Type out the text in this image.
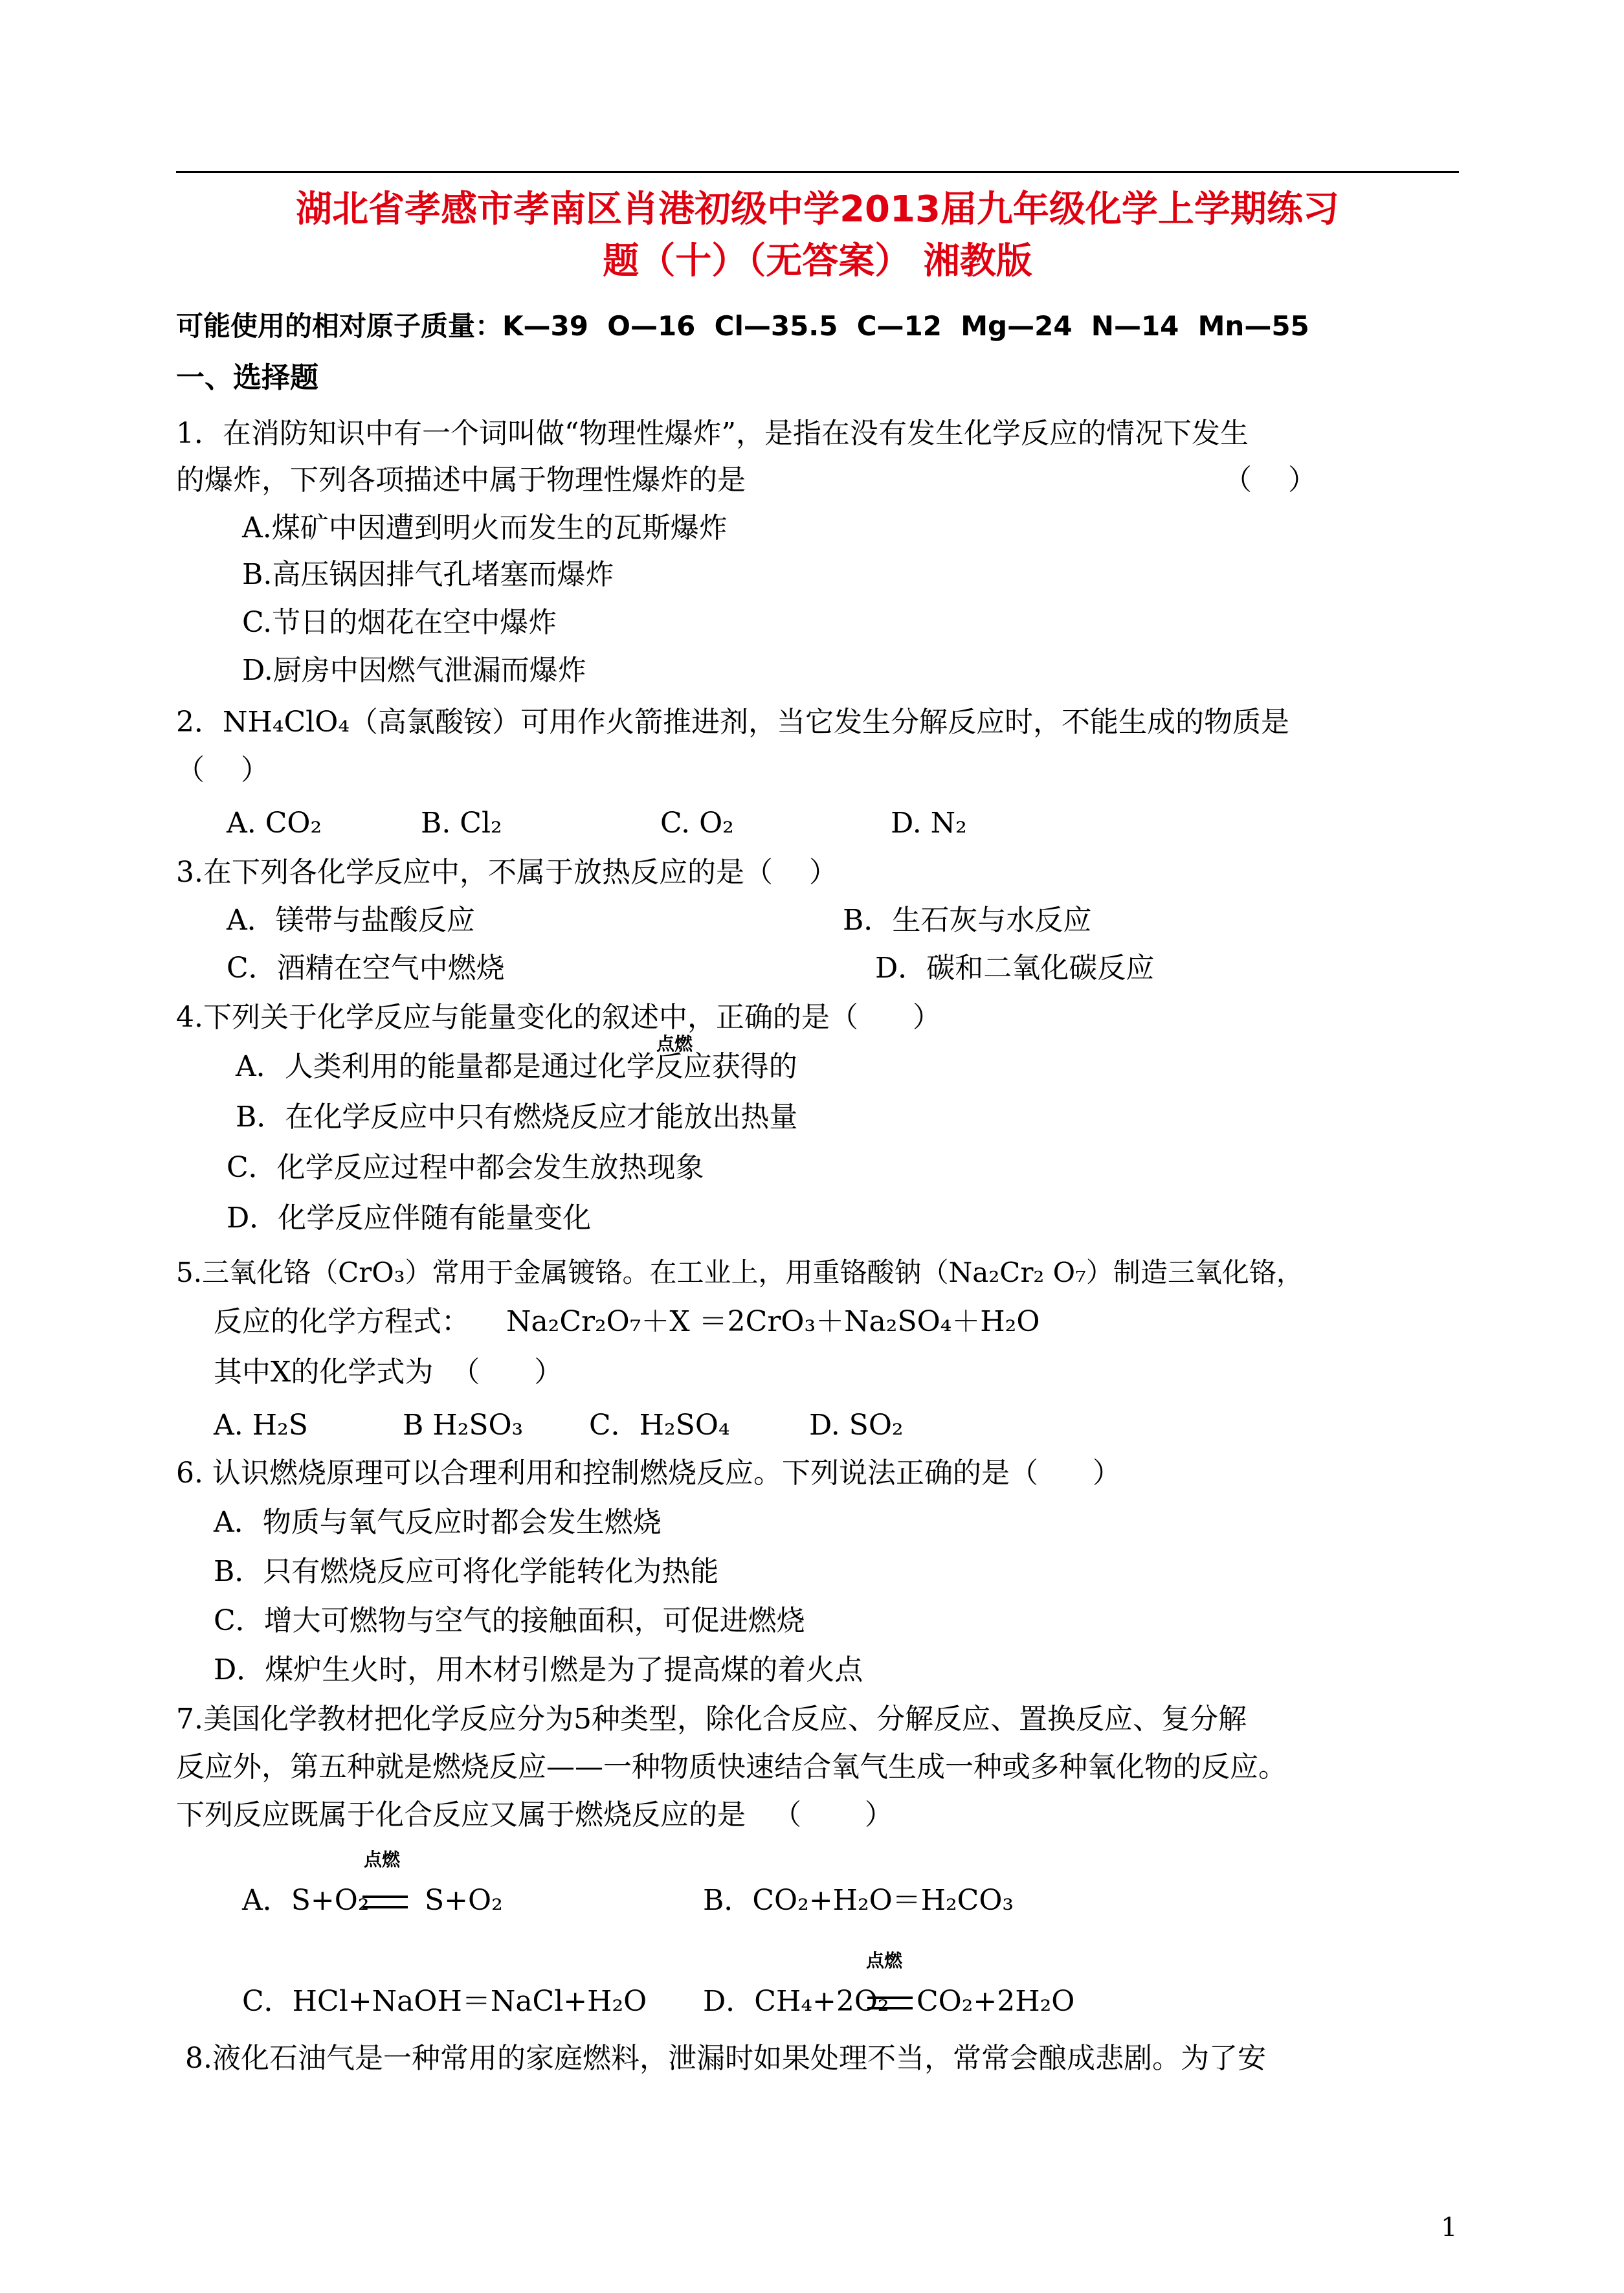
湖北省孝感市孝南区肖港初级中学2013届九年级化学上学期练习
题（十）（无答案） 湘教版
可能使用的相对原子质量：K—39  O—16  Cl—35.5  C—12  Mg—24  N—14  Mn—55
一、选择题
1．在消防知识中有一个词叫做“物理性爆炸”，是指在没有发生化学反应的情况下发生
的爆炸，下列各项描述中属于物理性爆炸的是	（    ）
A.煤矿中因遭到明火而发生的瓦斯爆炸
B.高压锅因排气孔堵塞而爆炸
C.节日的烟花在空中爆炸
D.厨房中因燃气泄漏而爆炸
2．NH₄ClO₄（高氯酸铵）可用作火箭推进剂，当它发生分解反应时，不能生成的物质是
（    ）
A. CO₂	B. Cl₂	C. O₂	D. N₂
3.在下列各化学反应中，不属于放热反应的是（    ）
A．镁带与盐酸反应	B．生石灰与水反应
C．酒精在空气中燃烧	D．碳和二氧化碳反应
4.下列关于化学反应与能量变化的叙述中，正确的是（      ）
点燃
A．人类利用的能量都是通过化学反应获得的
B．在化学反应中只有燃烧反应才能放出热量
C．化学反应过程中都会发生放热现象
D．化学反应伴随有能量变化
5.三氧化铬（CrO₃）常用于金属镀铬。在工业上，用重铬酸钠（Na₂Cr₂ O₇）制造三氧化铬，
反应的化学方程式：    Na₂Cr₂O₇＋X ＝2CrO₃＋Na₂SO₄＋H₂O
其中X的化学式为  （      ）
A. H₂S	B H₂SO₃ C．H₂SO₄	D. SO₂
6. 认识燃烧原理可以合理利用和控制燃烧反应。下列说法正确的是（      ）
A．物质与氧气反应时都会发生燃烧
B．只有燃烧反应可将化学能转化为热能
C．增大可燃物与空气的接触面积，可促进燃烧
D．煤炉生火时，用木材引燃是为了提高煤的着火点
7.美国化学教材把化学反应分为5种类型，除化合反应、分解反应、置换反应、复分解
反应外，第五种就是燃烧反应——一种物质快速结合氧气生成一种或多种氧化物的反应。
下列反应既属于化合反应又属于燃烧反应的是   （       ）
点燃
A．S+O₂ S+O₂	B．CO₂+H₂O＝H₂CO₃
点燃
C．HCl+NaOH＝NaCl+H₂O D．CH₄+2O₂ CO₂+2H₂O
8.液化石油气是一种常用的家庭燃料，泄漏时如果处理不当，常常会酿成悲剧。为了安
1
